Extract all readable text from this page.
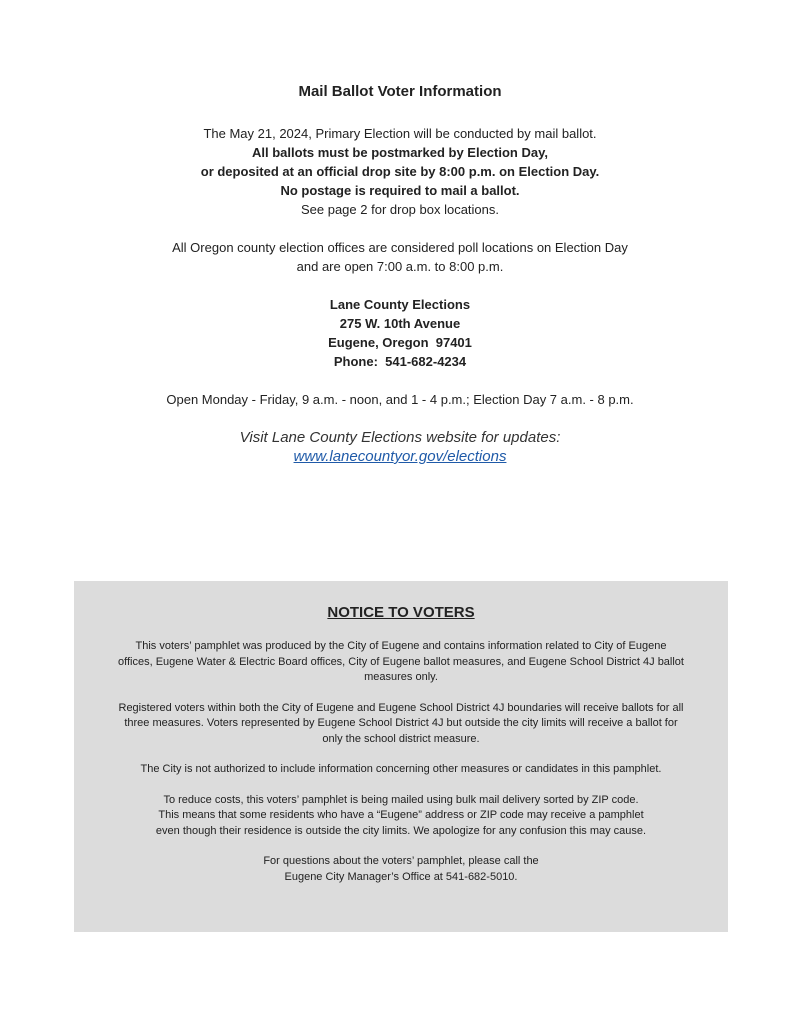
Mail Ballot Voter Information
The May 21, 2024, Primary Election will be conducted by mail ballot.
All ballots must be postmarked by Election Day,
or deposited at an official drop site by 8:00 p.m. on Election Day.
No postage is required to mail a ballot.
See page 2 for drop box locations.
All Oregon county election offices are considered poll locations on Election Day
and are open 7:00 a.m. to 8:00 p.m.
Lane County Elections
275 W. 10th Avenue
Eugene, Oregon  97401
Phone:  541-682-4234
Open Monday - Friday, 9 a.m. - noon, and 1 - 4 p.m.; Election Day 7 a.m. - 8 p.m.
Visit Lane County Elections website for updates:
www.lanecountyor.gov/elections
NOTICE TO VOTERS
This voters’ pamphlet was produced by the City of Eugene and contains information related to City of Eugene
offices, Eugene Water & Electric Board offices, City of Eugene ballot measures, and Eugene School District 4J ballot
measures only.
Registered voters within both the City of Eugene and Eugene School District 4J boundaries will receive ballots for all
three measures. Voters represented by Eugene School District 4J but outside the city limits will receive a ballot for
only the school district measure.
The City is not authorized to include information concerning other measures or candidates in this pamphlet.
To reduce costs, this voters’ pamphlet is being mailed using bulk mail delivery sorted by ZIP code.
This means that some residents who have a “Eugene” address or ZIP code may receive a pamphlet
even though their residence is outside the city limits. We apologize for any confusion this may cause.
For questions about the voters’ pamphlet, please call the
Eugene City Manager’s Office at 541-682-5010.
